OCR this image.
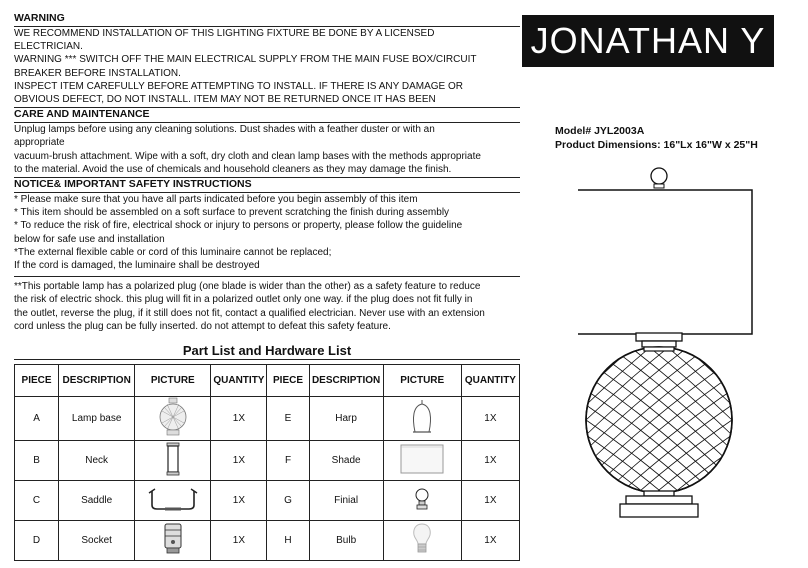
WARNING
WE RECOMMEND INSTALLATION OF THIS LIGHTING FIXTURE BE DONE BY A LICENSED
ELECTRICIAN.
WARNING *** SWITCH OFF THE MAIN ELECTRICAL SUPPLY FROM THE MAIN FUSE BOX/CIRCUIT
BREAKER BEFORE INSTALLATION.
INSPECT ITEM CAREFULLY BEFORE ATTEMPTING TO INSTALL. IF THERE IS ANY DAMAGE OR
OBVIOUS DEFECT, DO NOT INSTALL. ITEM MAY NOT BE RETURNED ONCE IT HAS BEEN
CARE AND MAINTENANCE
Unplug lamps before using any cleaning solutions. Dust shades with a feather duster or with an
appropriate
vacuum-brush attachment. Wipe with a soft, dry cloth and clean lamp bases with the methods appropriate
to the material. Avoid the use of chemicals and household cleaners as they may damage the finish.
NOTICE& IMPORTANT SAFETY INSTRUCTIONS
* Please make sure that you have all parts indicated before you begin assembly of this item
* This item should be assembled on a soft surface to prevent scratching the finish during assembly
* To reduce the risk of fire, electrical shock or injury to persons or property, please follow the guideline
below for safe use and installation
*The external flexible cable or cord of this luminaire cannot be replaced;
If the cord is damaged, the luminaire shall be destroyed
**This portable lamp has a polarized plug (one blade is wider than the other) as a safety feature to reduce
the risk of electric shock. this plug will fit in a polarized outlet only one way. if the plug does not fit fully in
the outlet, reverse the plug, if it still does not fit, contact a qualified electrician. Never use with an extension
cord unless the plug can be fully inserted. do not attempt to defeat this safety feature.
JONATHAN Y
Model# JYL2003A
Product Dimensions: 16"Lx 16"W x 25"H
Part List and Hardware List
PIECE	DESCRIPTION	PICTURE	QUANTITY	PIECE	DESCRIPTION	PICTURE	QUANTITY
A	Lamp base		1X	E	Harp		1X
B	Neck		1X	F	Shade		1X
C	Saddle		1X	G	Finial		1X
D	Socket		1X	H	Bulb		1X
